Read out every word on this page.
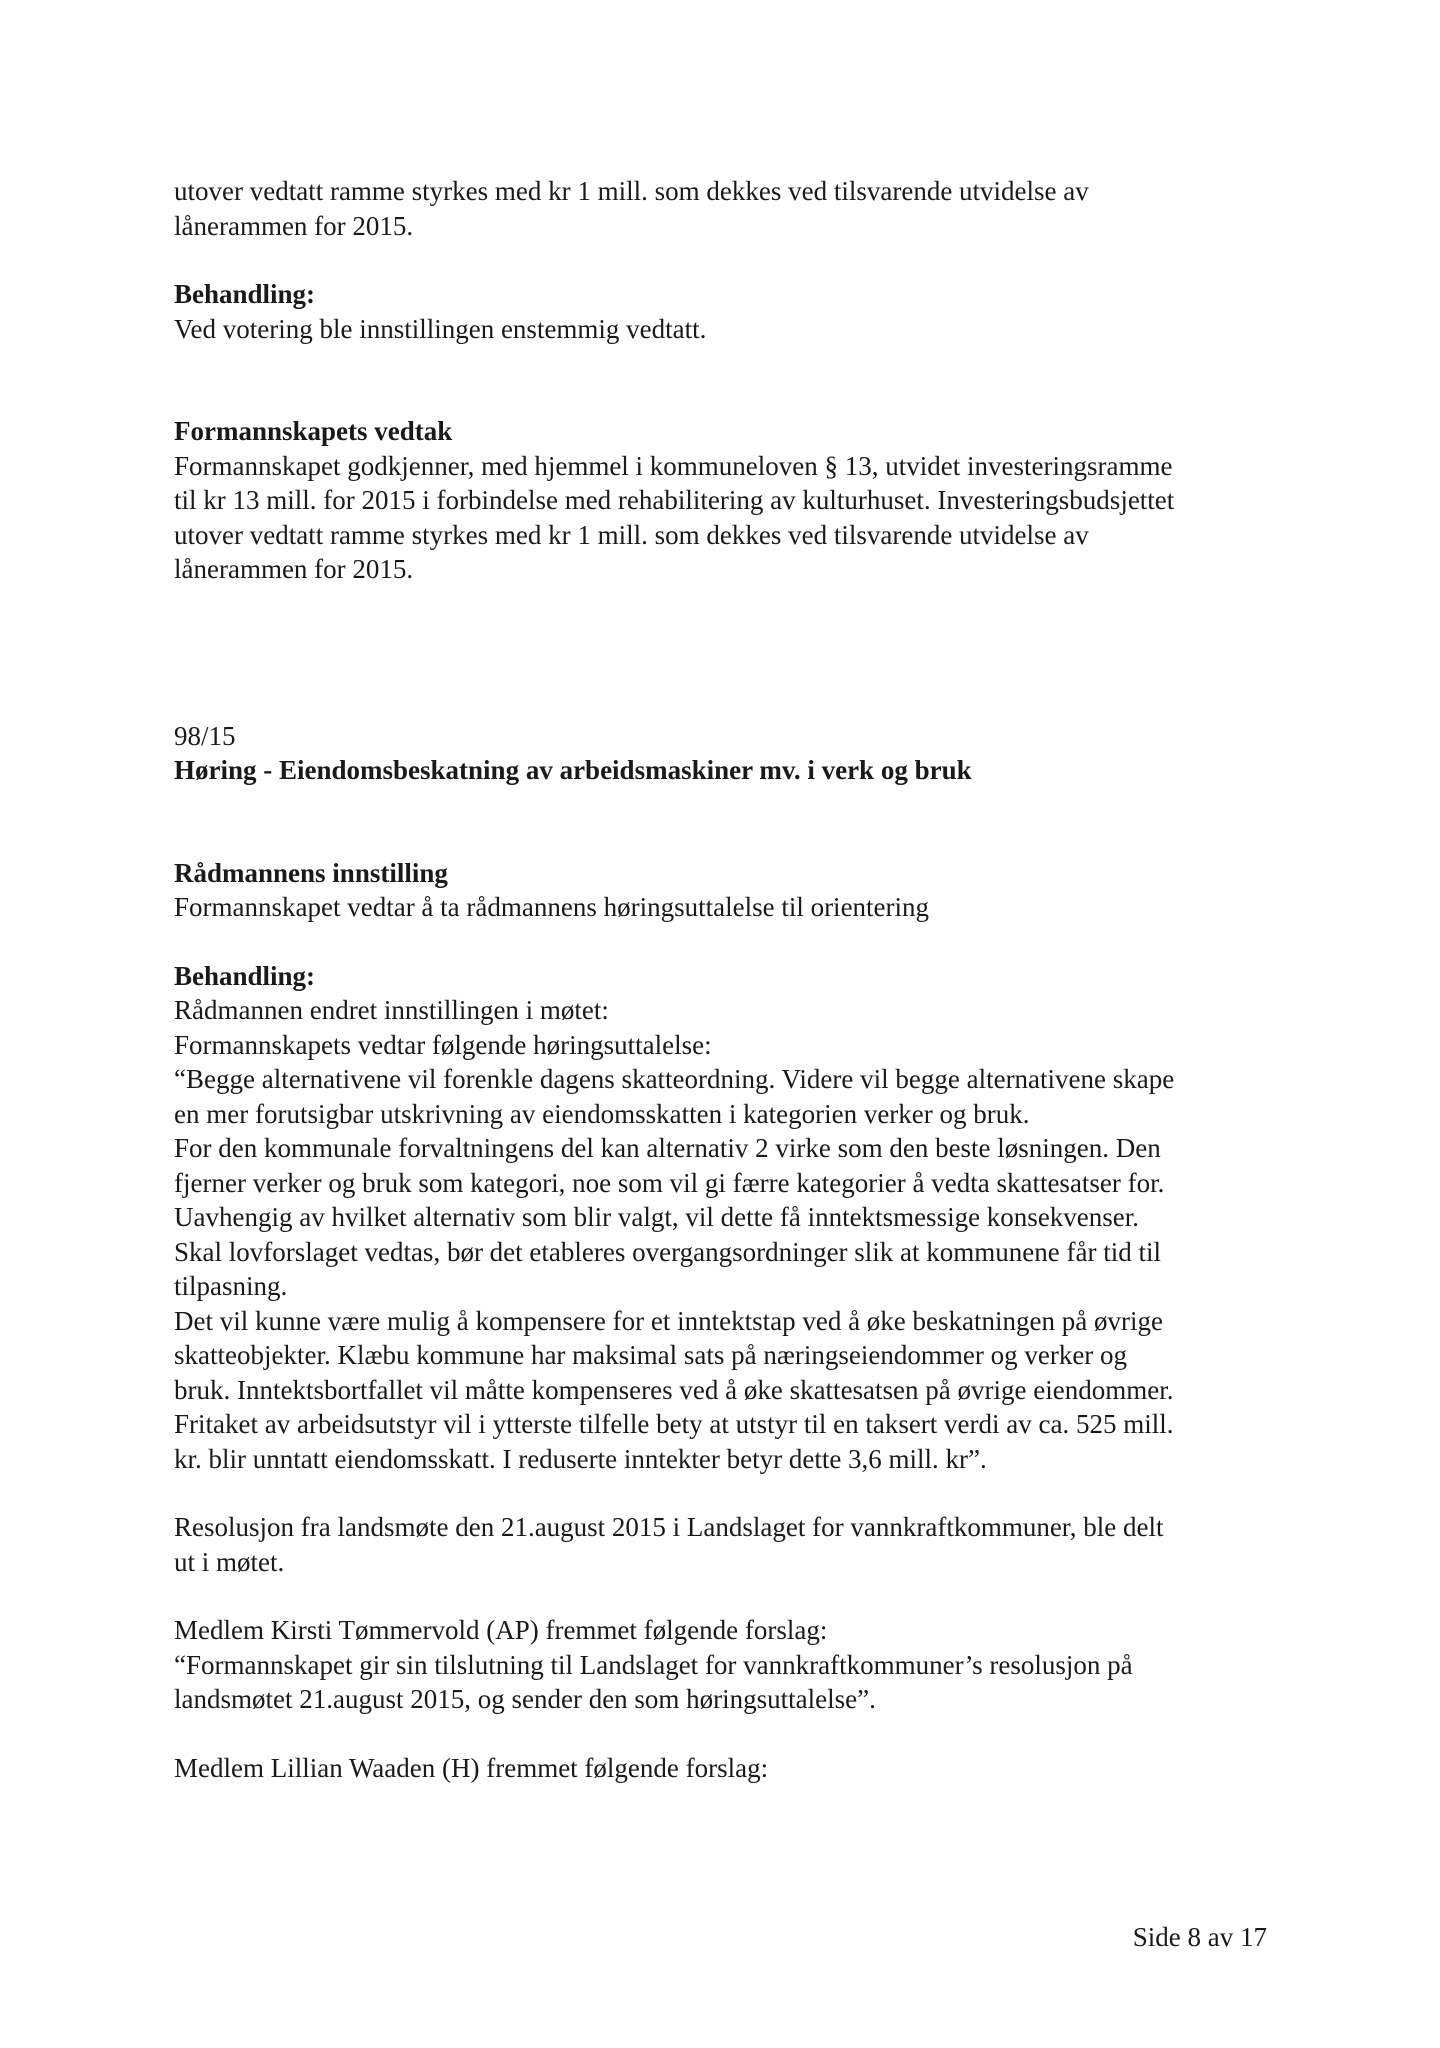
utover vedtatt ramme styrkes med kr 1 mill. som dekkes ved tilsvarende utvidelse av

lånerammen for 2015.

Behandling:

Ved votering ble innstillingen enstemmig vedtatt.

Formannskapets vedtak

Formannskapet godkjenner, med hjemmel i kommuneloven § 13, utvidet investeringsramme

til kr 13 mill. for 2015 i forbindelse med rehabilitering av kulturhuset. Investeringsbudsjettet

utover vedtatt ramme styrkes med kr 1 mill. som dekkes ved tilsvarende utvidelse av

lånerammen for 2015.

98/15

Høring - Eiendomsbeskatning av arbeidsmaskiner mv. i verk og bruk

Rådmannens innstilling

Formannskapet vedtar å ta rådmannens høringsuttalelse til orientering

Behandling:

Rådmannen endret innstillingen i møtet:

Formannskapets vedtar følgende høringsuttalelse:

“Begge alternativene vil forenkle dagens skatteordning. Videre vil begge alternativene skape

en mer forutsigbar utskrivning av eiendomsskatten i kategorien verker og bruk.

For den kommunale forvaltningens del kan alternativ 2 virke som den beste løsningen. Den

fjerner verker og bruk som kategori, noe som vil gi færre kategorier å vedta skattesatser for.

Uavhengig av hvilket alternativ som blir valgt, vil dette få inntektsmessige konsekvenser.

Skal lovforslaget vedtas, bør det etableres overgangsordninger slik at kommunene får tid til

tilpasning.

Det vil kunne være mulig å kompensere for et inntektstap ved å øke beskatningen på øvrige

skatteobjekter. Klæbu kommune har maksimal sats på næringseiendommer og verker og

bruk. Inntektsbortfallet vil måtte kompenseres ved å øke skattesatsen på øvrige eiendommer.

Fritaket av arbeidsutstyr vil i ytterste tilfelle bety at utstyr til en taksert verdi av ca. 525 mill.

kr. blir unntatt eiendomsskatt. I reduserte inntekter betyr dette 3,6 mill. kr”.

Resolusjon fra landsmøte den 21.august 2015 i Landslaget for vannkraftkommuner, ble delt

ut i møtet.

Medlem Kirsti Tømmervold (AP) fremmet følgende forslag:

“Formannskapet gir sin tilslutning til Landslaget for vannkraftkommuner’s resolusjon på

landsmøtet 21.august 2015, og sender den som høringsuttalelse”.

Medlem Lillian Waaden (H) fremmet følgende forslag:

Side 8 av 17
